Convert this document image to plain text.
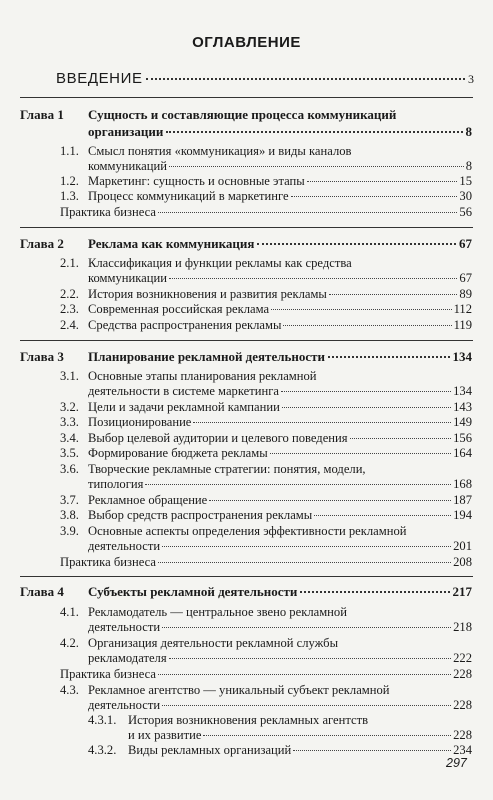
ОГЛАВЛЕНИЕ
ВВЕДЕНИЕ	3
Глава 1 Сущность и составляющие процесса коммуникаций
организации	8
1.1. Смысл понятия «коммуникация» и виды каналов
коммуникаций	8
1.2. Маркетинг: сущность и основные этапы	15
1.3. Процесс коммуникаций в маркетинге	30
Практика бизнеса	56
Глава 2 Реклама как коммуникация	67
2.1. Классификация и функции рекламы как средства
коммуникации	67
2.2. История возникновения и развития рекламы	89
2.3. Современная российская реклама	112
2.4. Средства распространения рекламы	119
Глава 3 Планирование рекламной деятельности	134
3.1. Основные этапы планирования рекламной
деятельности в системе маркетинга	134
3.2. Цели и задачи рекламной кампании	143
3.3. Позиционирование	149
3.4. Выбор целевой аудитории и целевого поведения	156
3.5. Формирование бюджета рекламы	164
3.6. Творческие рекламные стратегии: понятия, модели,
типология	168
3.7. Рекламное обращение	187
3.8. Выбор средств распространения рекламы	194
3.9. Основные аспекты определения эффективности рекламной
деятельности	201
Практика бизнеса	208
Глава 4 Субъекты рекламной деятельности	217
4.1. Рекламодатель — центральное звено рекламной
деятельности	218
4.2. Организация деятельности рекламной службы
рекламодателя	222
Практика бизнеса	228
4.3. Рекламное агентство — уникальный субъект рекламной
деятельности	228
4.3.1. История возникновения рекламных агентств
и их развитие	228
4.3.2. Виды рекламных организаций	234
297
